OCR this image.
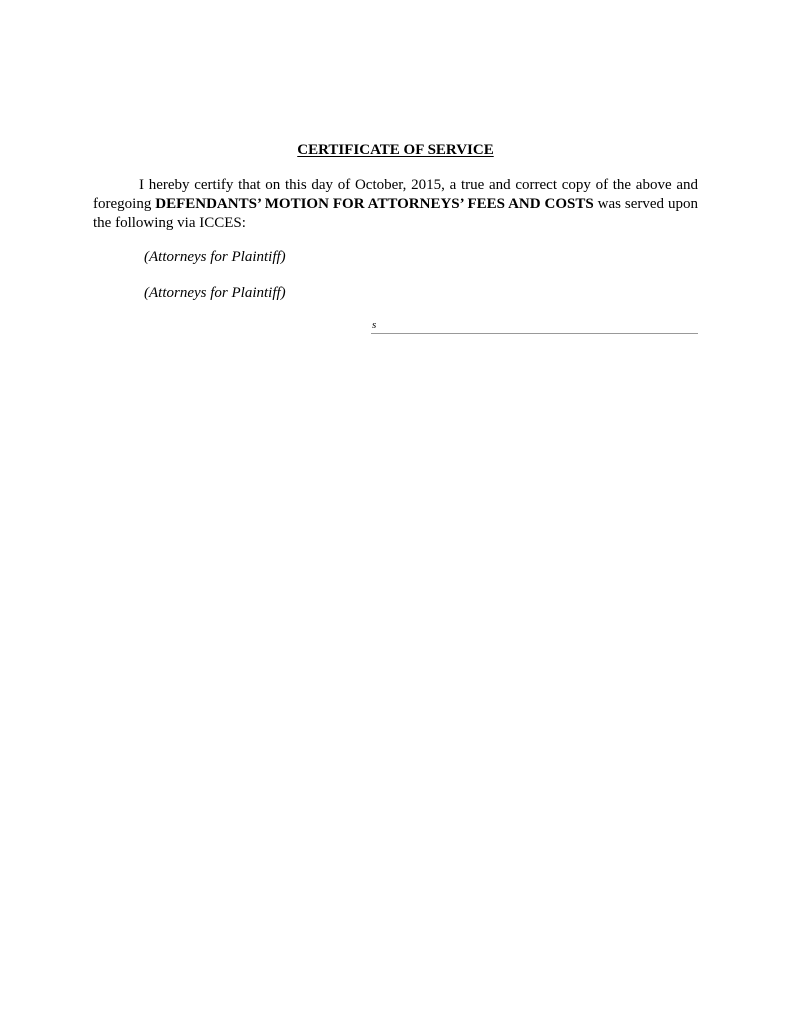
CERTIFICATE OF SERVICE

I hereby certify that on this day of October, 2015, a true and correct copy of the above and foregoing DEFENDANTS’ MOTION FOR ATTORNEYS’ FEES AND COSTS was served upon the following via ICCES:

(Attorneys for Plaintiff)

(Attorneys for Plaintiff)

s
